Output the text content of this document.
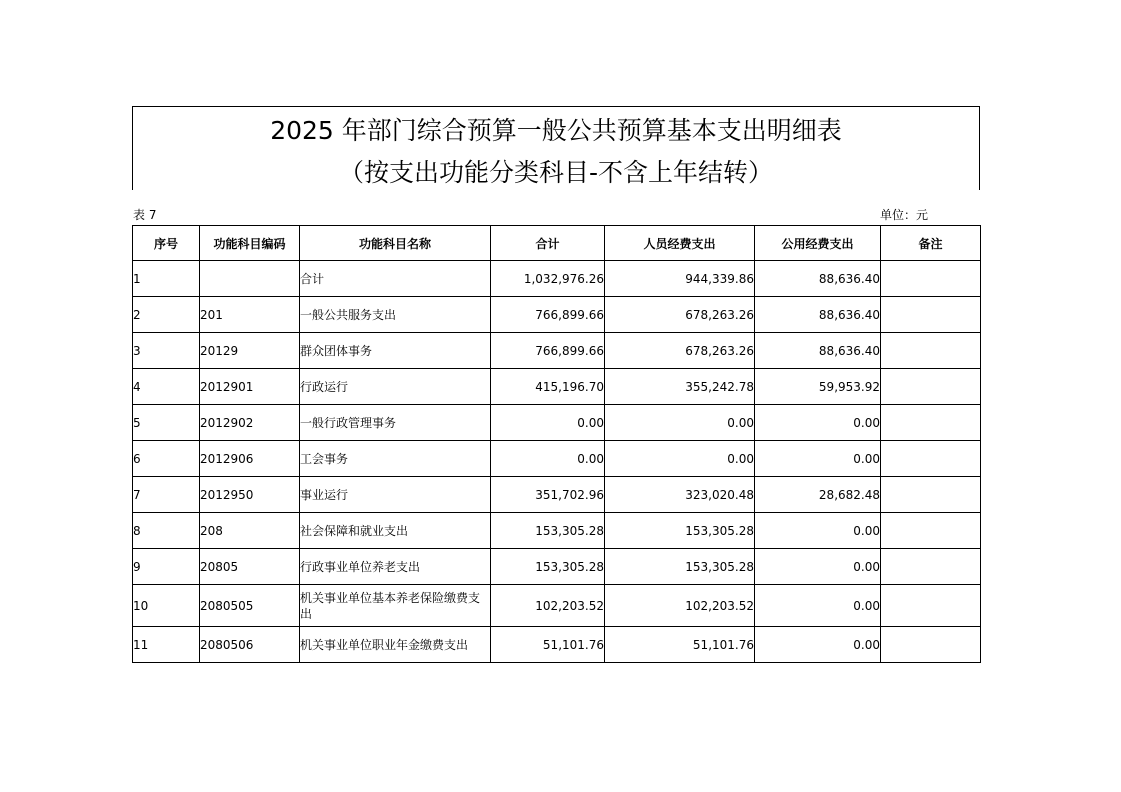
2025 年部门综合预算一般公共预算基本支出明细表
（按支出功能分类科目-不含上年结转）
表 7	单位：元
序号	功能科目编码	功能科目名称	合计	人员经费支出	公用经费支出	备注
1		合计	1,032,976.26	944,339.86	88,636.40	
2	201	一般公共服务支出	766,899.66	678,263.26	88,636.40	
3	20129	群众团体事务	766,899.66	678,263.26	88,636.40	
4	2012901	行政运行	415,196.70	355,242.78	59,953.92	
5	2012902	一般行政管理事务	0.00	0.00	0.00	
6	2012906	工会事务	0.00	0.00	0.00	
7	2012950	事业运行	351,702.96	323,020.48	28,682.48	
8	208	社会保障和就业支出	153,305.28	153,305.28	0.00	
9	20805	行政事业单位养老支出	153,305.28	153,305.28	0.00	
10	2080505	机关事业单位基本养老保险缴费支出	102,203.52	102,203.52	0.00	
11	2080506	机关事业单位职业年金缴费支出	51,101.76	51,101.76	0.00	
